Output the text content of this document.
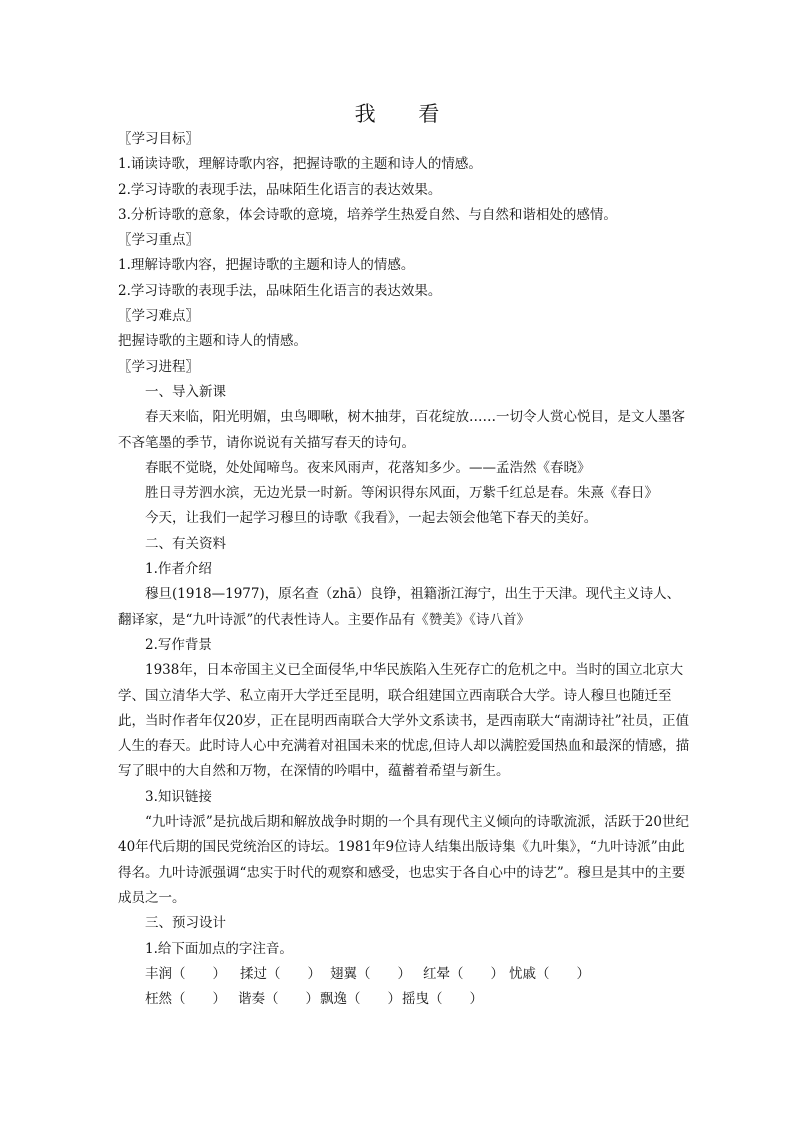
我 看
〖学习目标〗
1.诵读诗歌，理解诗歌内容，把握诗歌的主题和诗人的情感。
2.学习诗歌的表现手法，品味陌生化语言的表达效果。
3.分析诗歌的意象，体会诗歌的意境，培养学生热爱自然、与自然和谐相处的感情。
〖学习重点〗
1.理解诗歌内容，把握诗歌的主题和诗人的情感。
2.学习诗歌的表现手法，品味陌生化语言的表达效果。
〖学习难点〗
把握诗歌的主题和诗人的情感。
〖学习进程〗
一、导入新课
春天来临，阳光明媚，虫鸟唧啾，树木抽芽，百花绽放……一切令人赏心悦目，是文人墨客不吝笔墨的季节，请你说说有关描写春天的诗句。
春眠不觉晓，处处闻啼鸟。夜来风雨声，花落知多少。——孟浩然《春晓》
胜日寻芳泗水滨，无边光景一时新。等闲识得东风面，万紫千红总是春。朱熹《春日》
今天，让我们一起学习穆旦的诗歌《我看》，一起去领会他笔下春天的美好。
二、有关资料
1.作者介绍
穆旦(1918—1977)，原名查（zhā）良铮，祖籍浙江海宁，出生于天津。现代主义诗人、翻译家，是“九叶诗派”的代表性诗人。主要作品有《赞美》《诗八首》
2.写作背景
1938年，日本帝国主义已全面侵华,中华民族陷入生死存亡的危机之中。当时的国立北京大学、国立清华大学、私立南开大学迁至昆明，联合组建国立西南联合大学。诗人穆旦也随迁至此，当时作者年仅20岁，正在昆明西南联合大学外文系读书，是西南联大“南湖诗社”社员，正值人生的春天。此时诗人心中充满着对祖国未来的忧虑,但诗人却以满腔爱国热血和最深的情感，描写了眼中的大自然和万物，在深情的吟唱中，蕴蓄着希望与新生。
3.知识链接
“九叶诗派”是抗战后期和解放战争时期的一个具有现代主义倾向的诗歌流派，活跃于20世纪40年代后期的国民党统治区的诗坛。1981年9位诗人结集出版诗集《九叶集》，“九叶诗派”由此得名。九叶诗派强调“忠实于时代的观察和感受，也忠实于各自心中的诗艺”。穆旦是其中的主要成员之一。
三、预习设计
1.给下面加点的字注音。
丰润（　　） 揉过（　　） 翅翼（　　） 红晕（　　） 忧戚（　　）
枉然（　　） 谐奏（　　）飘逸（　　）摇曳（　　）
